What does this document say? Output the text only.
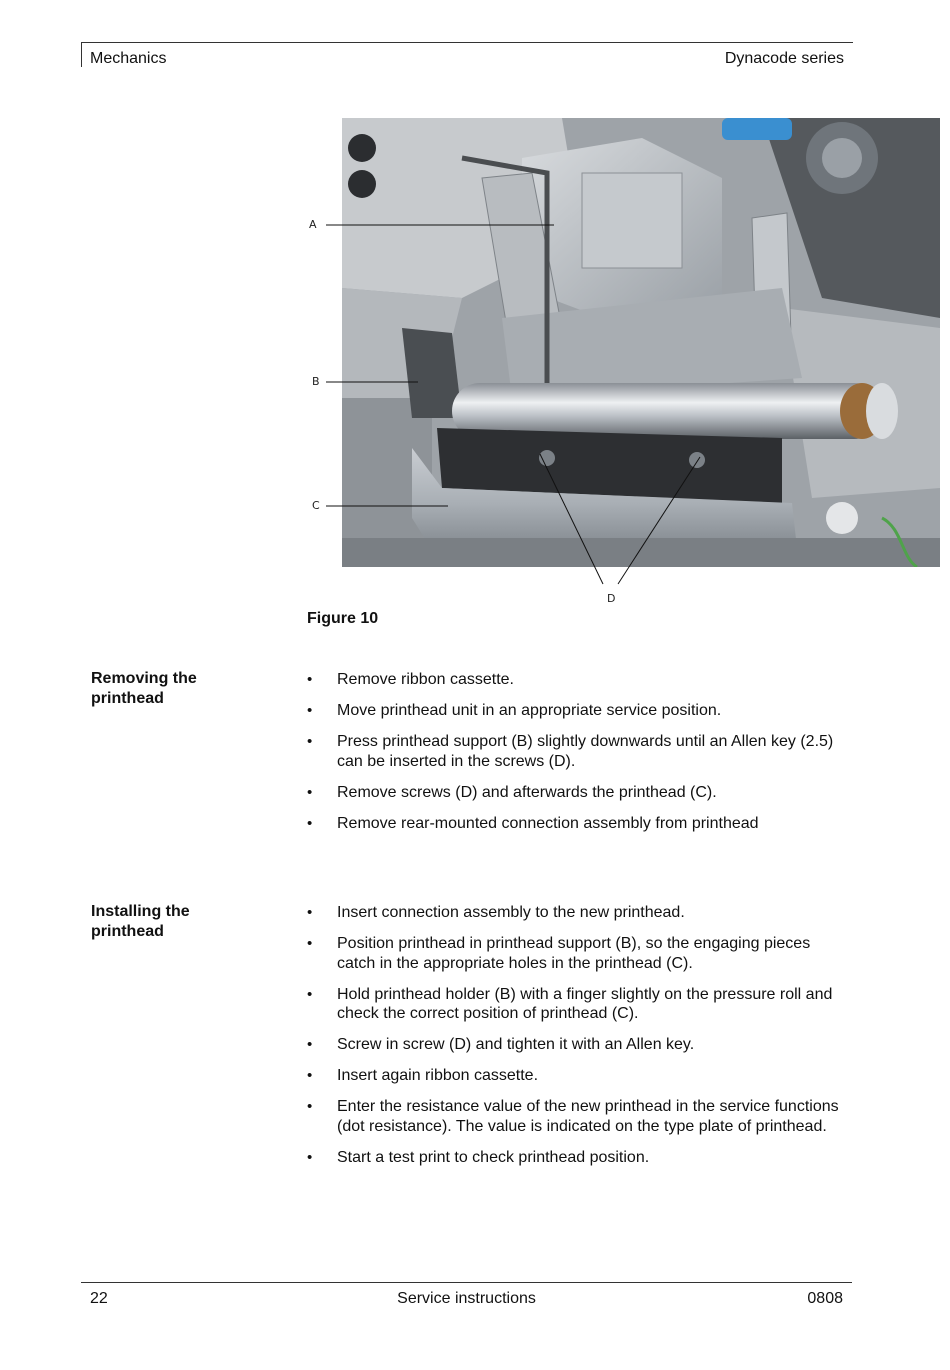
Mechanics	Dynacode series
A
B
C
D
Figure 10
Removing the
printhead
• Remove ribbon cassette.
• Move printhead unit in an appropriate service position.
• Press printhead support (B) slightly downwards until an Allen key (2.5) can be inserted in the screws (D).
• Remove screws (D) and afterwards the printhead (C).
• Remove rear-mounted connection assembly from printhead
Installing the
printhead
• Insert connection assembly to the new printhead.
• Position printhead in printhead support (B), so the engaging pieces catch in the appropriate holes in the printhead (C).
• Hold printhead holder (B) with a finger slightly on the pressure roll and check the correct position of printhead (C).
• Screw in screw (D) and tighten it with an Allen key.
• Insert again ribbon cassette.
• Enter the resistance value of the new printhead in the service functions (dot resistance). The value is indicated on the type plate of printhead.
• Start a test print to check printhead position.
22	Service instructions	0808
